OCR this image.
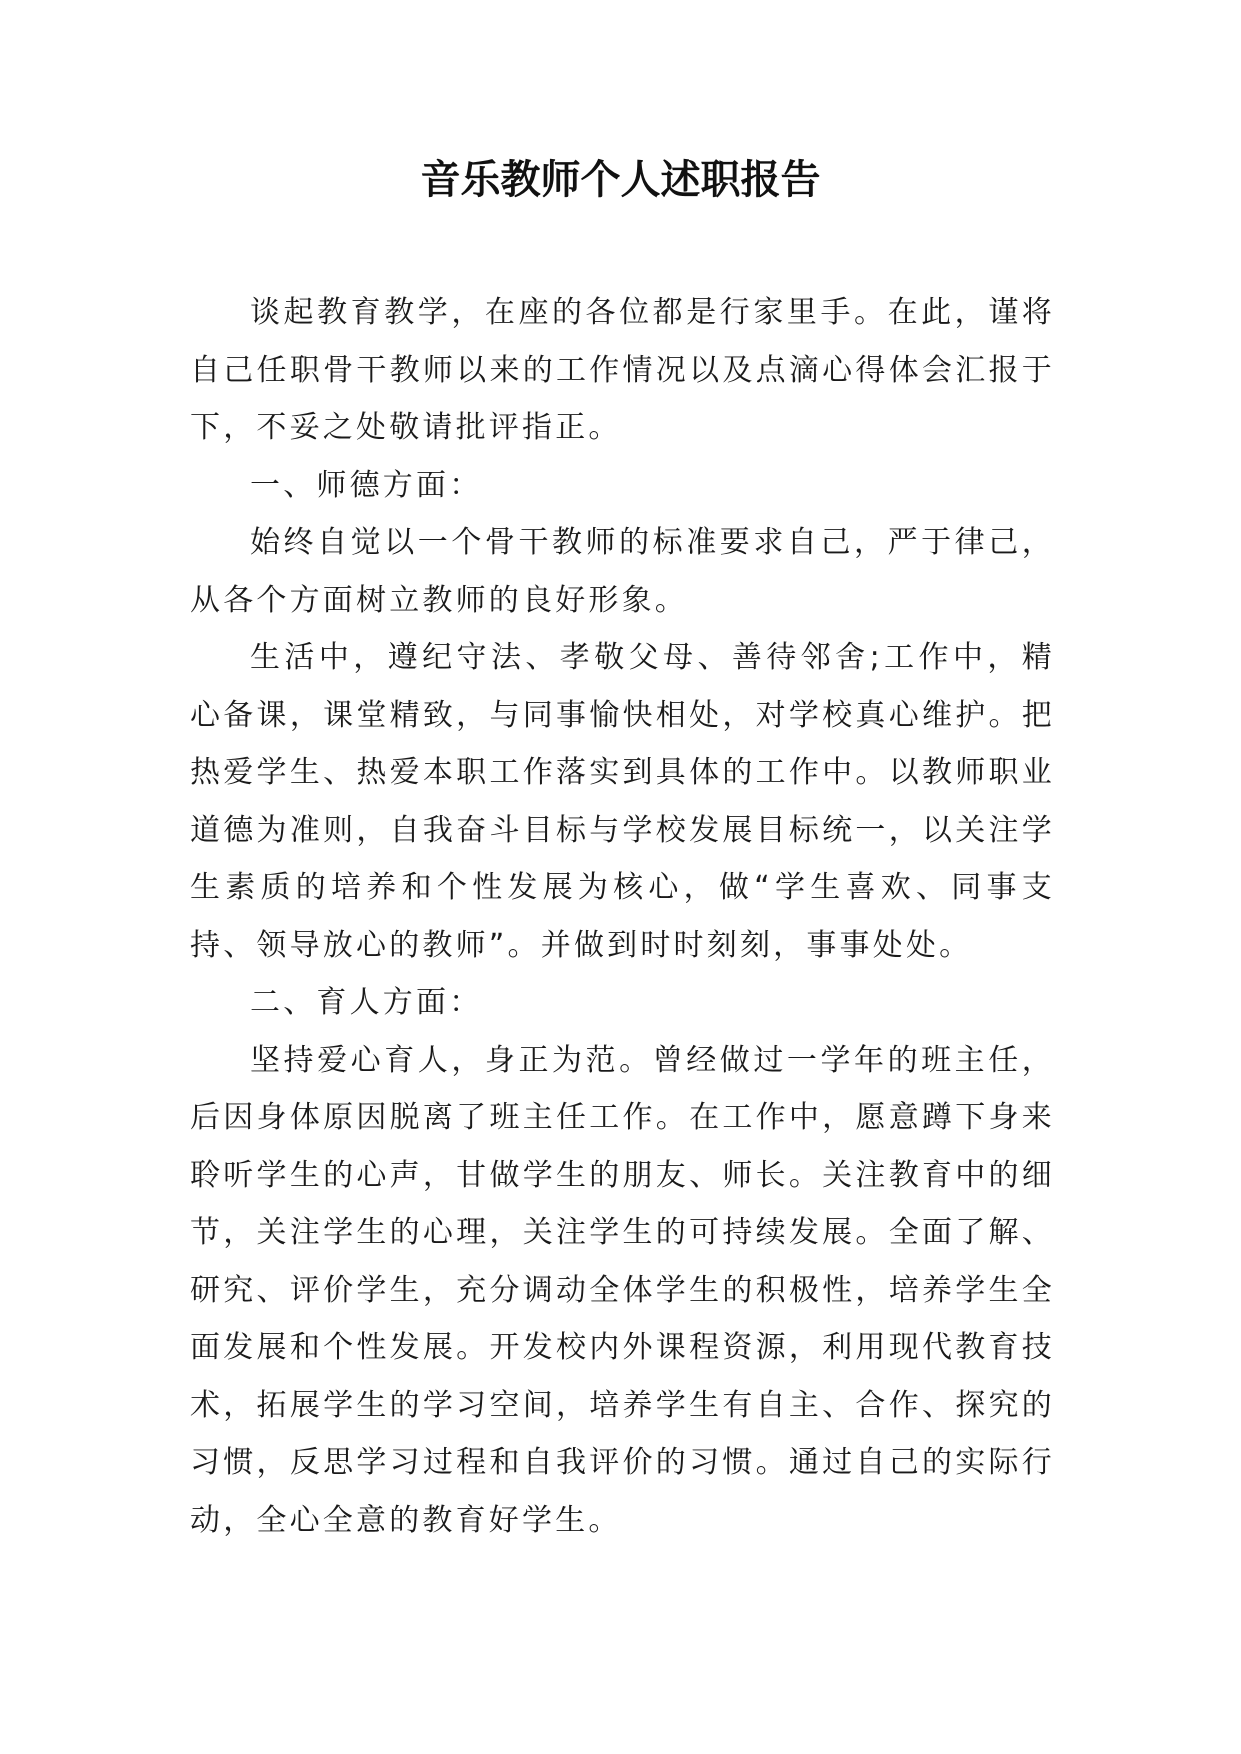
音乐教师个人述职报告

谈起教育教学，在座的各位都是行家里手。在此，谨将自己任职骨干教师以来的工作情况以及点滴心得体会汇报于下，不妥之处敬请批评指正。

一、师德方面：

始终自觉以一个骨干教师的标准要求自己，严于律己，从各个方面树立教师的良好形象。

生活中，遵纪守法、孝敬父母、善待邻舍;工作中，精心备课，课堂精致，与同事愉快相处，对学校真心维护。把热爱学生、热爱本职工作落实到具体的工作中。以教师职业道德为准则，自我奋斗目标与学校发展目标统一，以关注学生素质的培养和个性发展为核心，做“学生喜欢、同事支持、领导放心的教师”。并做到时时刻刻，事事处处。

二、育人方面：

坚持爱心育人，身正为范。曾经做过一学年的班主任，后因身体原因脱离了班主任工作。在工作中，愿意蹲下身来聆听学生的心声，甘做学生的朋友、师长。关注教育中的细节，关注学生的心理，关注学生的可持续发展。全面了解、研究、评价学生，充分调动全体学生的积极性，培养学生全面发展和个性发展。开发校内外课程资源，利用现代教育技术，拓展学生的学习空间，培养学生有自主、合作、探究的习惯，反思学习过程和自我评价的习惯。通过自己的实际行动，全心全意的教育好学生。
